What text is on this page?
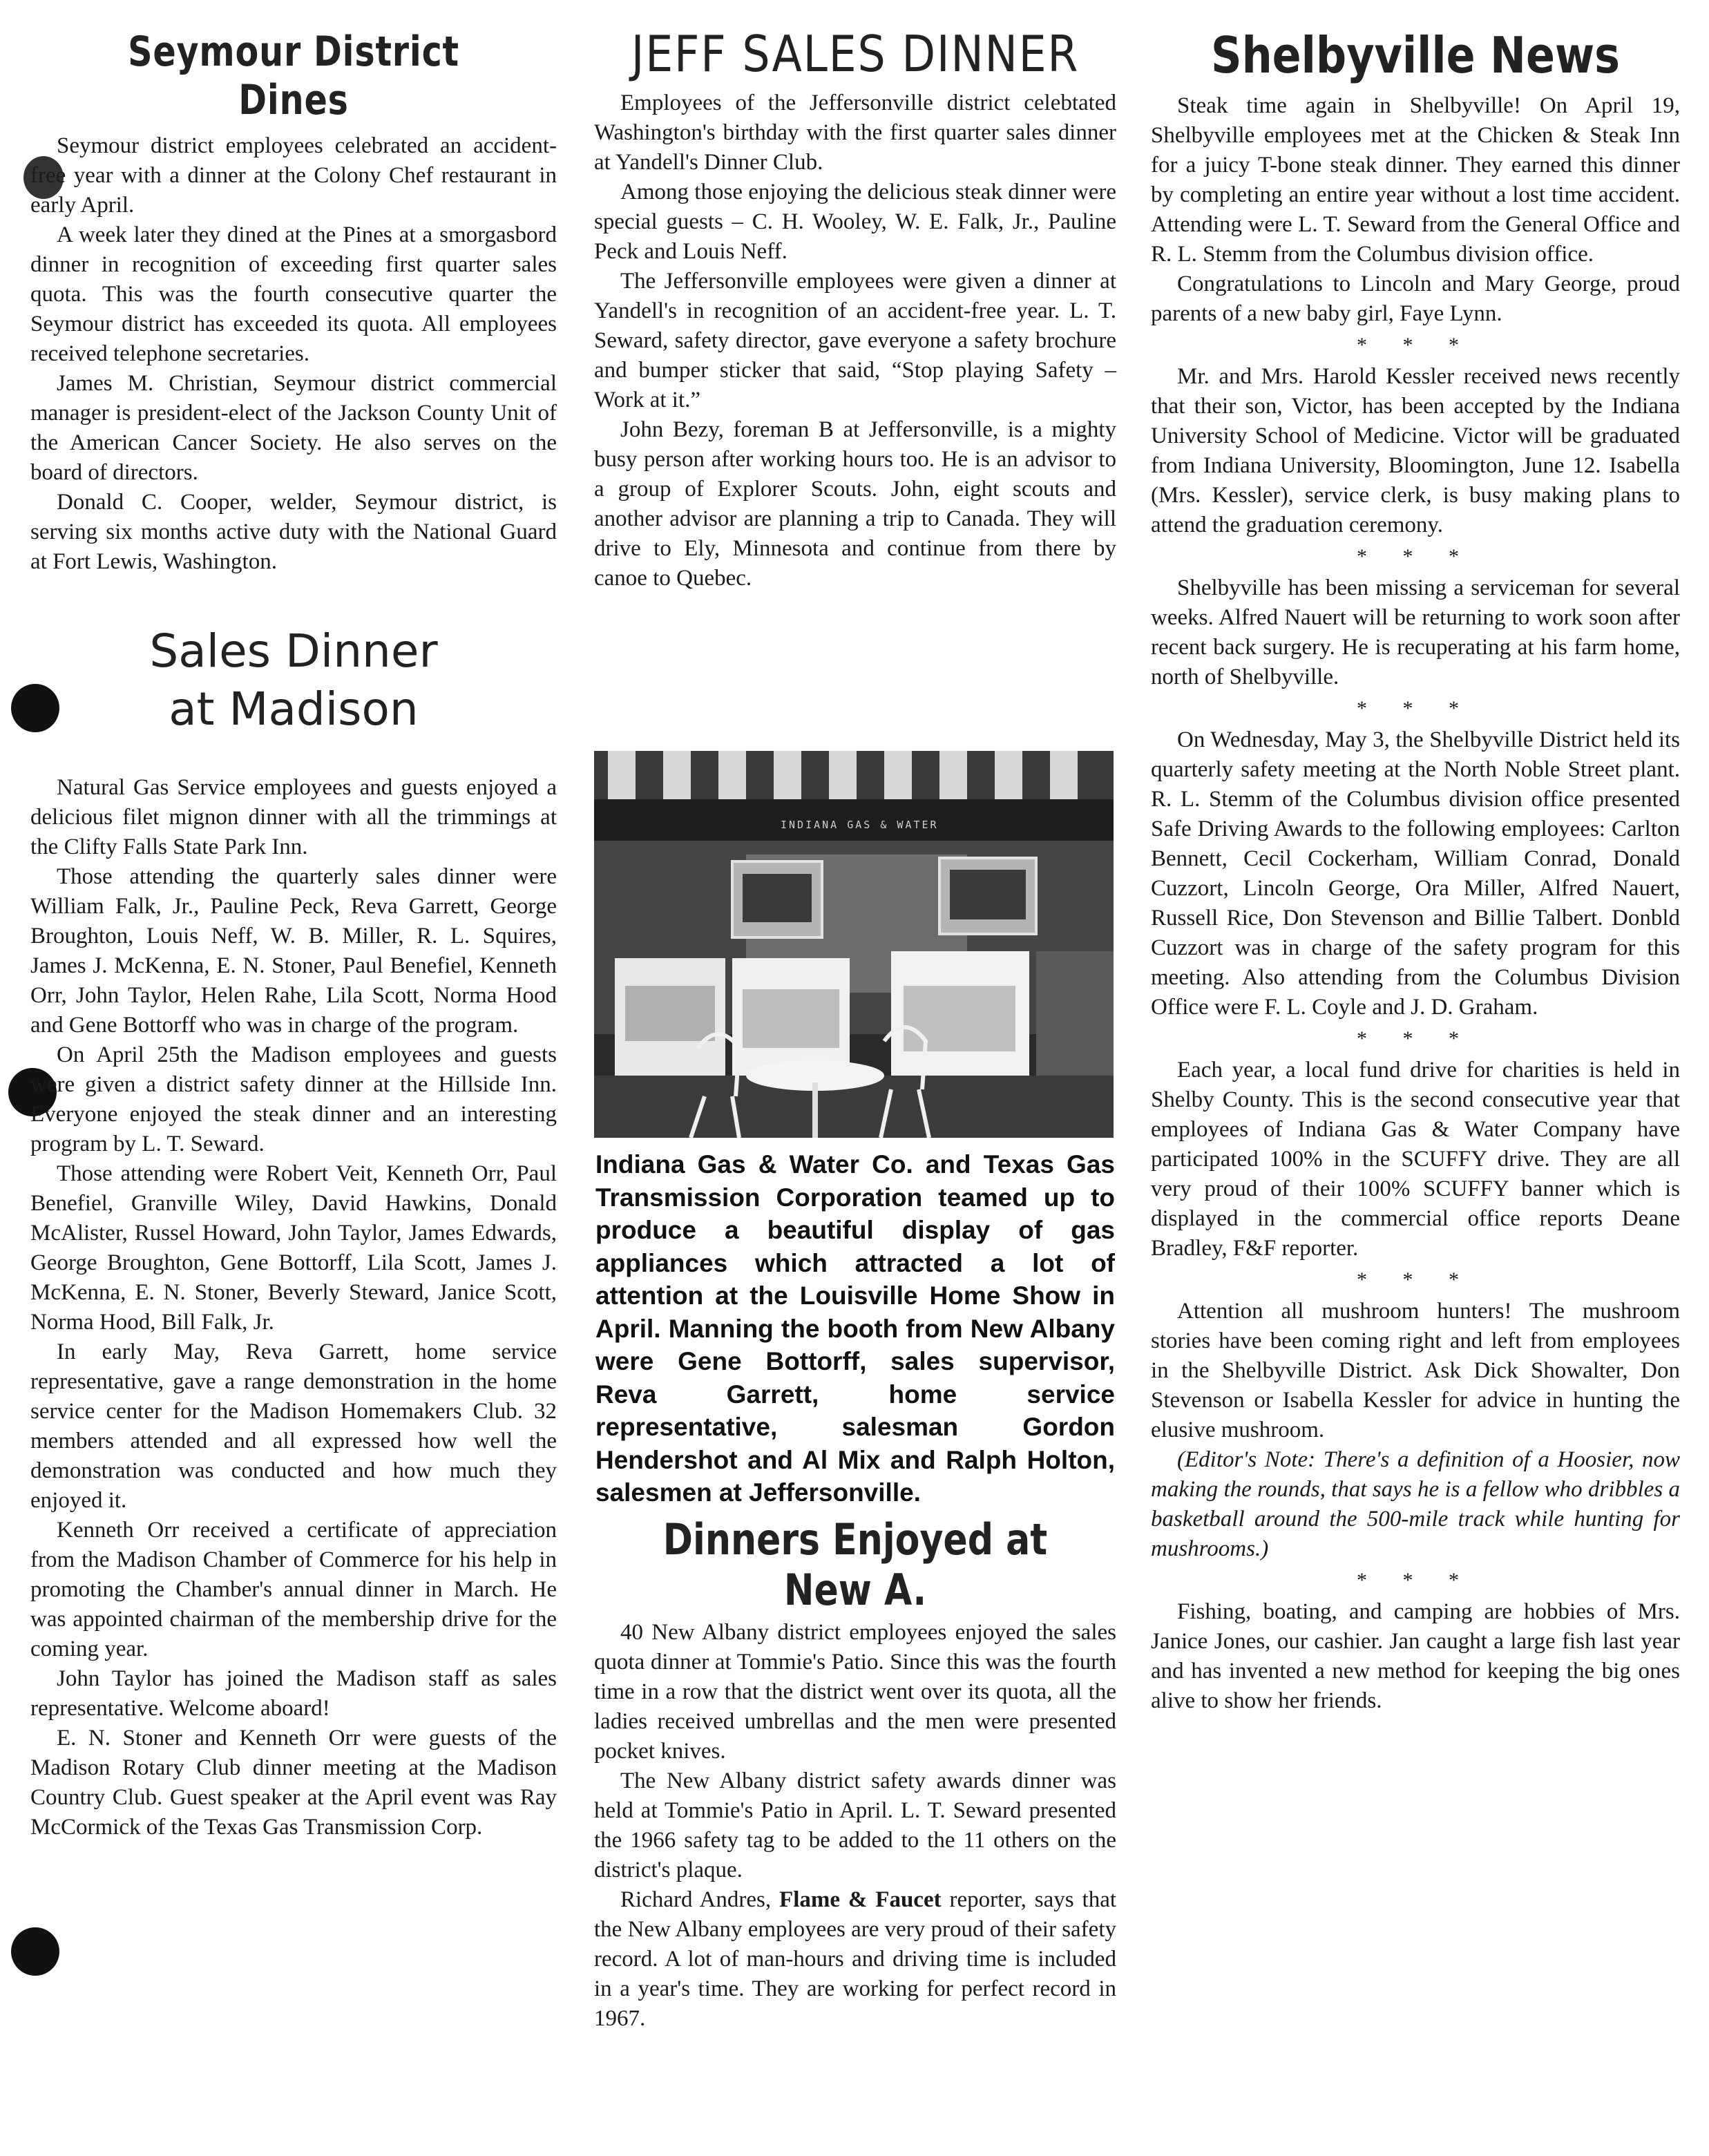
Seymour District Dines

Seymour district employees celebrated an accident-free year with a dinner at the Colony Chef restaurant in early April.

A week later they dined at the Pines at a smorgasbord dinner in recognition of exceeding first quarter sales quota. This was the fourth consecutive quarter the Seymour district has exceeded its quota. All employees received telephone secretaries.

James M. Christian, Seymour district commercial manager is president-elect of the Jackson County Unit of the American Cancer Society. He also serves on the board of directors.

Donald C. Cooper, welder, Seymour district, is serving six months active duty with the National Guard at Fort Lewis, Washington.

Sales Dinner
at Madison

Natural Gas Service employees and guests enjoyed a delicious filet mignon dinner with all the trimmings at the Clifty Falls State Park Inn.

Those attending the quarterly sales dinner were William Falk, Jr., Pauline Peck, Reva Garrett, George Broughton, Louis Neff, W. B. Miller, R. L. Squires, James J. McKenna, E. N. Stoner, Paul Benefiel, Kenneth Orr, John Taylor, Helen Rahe, Lila Scott, Norma Hood and Gene Bottorff who was in charge of the program.

On April 25th the Madison employees and guests were given a district safety dinner at the Hillside Inn. Everyone enjoyed the steak dinner and an interesting program by L. T. Seward.

Those attending were Robert Veit, Kenneth Orr, Paul Benefiel, Granville Wiley, David Hawkins, Donald McAlister, Russel Howard, John Taylor, James Edwards, George Broughton, Gene Bottorff, Lila Scott, James J. McKenna, E. N. Stoner, Beverly Steward, Janice Scott, Norma Hood, Bill Falk, Jr.

In early May, Reva Garrett, home service representative, gave a range demonstration in the home service center for the Madison Homemakers Club. 32 members attended and all expressed how well the demonstration was conducted and how much they enjoyed it.

Kenneth Orr received a certificate of appreciation from the Madison Chamber of Commerce for his help in promoting the Chamber's annual dinner in March. He was appointed chairman of the membership drive for the coming year.

John Taylor has joined the Madison staff as sales representative. Welcome aboard!

E. N. Stoner and Kenneth Orr were guests of the Madison Rotary Club dinner meeting at the Madison Country Club. Guest speaker at the April event was Ray McCormick of the Texas Gas Transmission Corp.

JEFF SALES DINNER

Employees of the Jeffersonville district celebtated Washington's birthday with the first quarter sales dinner at Yandell's Dinner Club.

Among those enjoying the delicious steak dinner were special guests – C. H. Wooley, W. E. Falk, Jr., Pauline Peck and Louis Neff.

The Jeffersonville employees were given a dinner at Yandell's in recognition of an accident-free year. L. T. Seward, safety director, gave everyone a safety brochure and bumper sticker that said, “Stop playing Safety – Work at it.”

John Bezy, foreman B at Jeffersonville, is a mighty busy person after working hours too. He is an advisor to a group of Explorer Scouts. John, eight scouts and another advisor are planning a trip to Canada. They will drive to Ely, Minnesota and continue from there by canoe to Quebec.

INDIANA GAS & WATER
Indiana Gas & Water Co. and Texas Gas Transmission Corporation teamed up to produce a beautiful display of gas appliances which attracted a lot of attention at the Louisville Home Show in April. Manning the booth from New Albany were Gene Bottorff, sales supervisor, Reva Garrett, home service representative, salesman Gordon Hendershot and Al Mix and Ralph Holton, salesmen at Jeffersonville.
Dinners Enjoyed at New A.

40 New Albany district employees enjoyed the sales quota dinner at Tommie's Patio. Since this was the fourth time in a row that the district went over its quota, all the ladies received umbrellas and the men were presented pocket knives.

The New Albany district safety awards dinner was held at Tommie's Patio in April. L. T. Seward presented the 1966 safety tag to be added to the 11 others on the district's plaque.

Richard Andres, Flame & Faucet reporter, says that the New Albany employees are very proud of their safety record. A lot of man-hours and driving time is included in a year's time. They are working for perfect record in 1967.

Shelbyville News

Steak time again in Shelbyville! On April 19, Shelbyville employees met at the Chicken & Steak Inn for a juicy T-bone steak dinner. They earned this dinner by completing an entire year without a lost time accident. Attending were L. T. Seward from the General Office and R. L. Stemm from the Columbus division office.

Congratulations to Lincoln and Mary George, proud parents of a new baby girl, Faye Lynn.

* * *

Mr. and Mrs. Harold Kessler received news recently that their son, Victor, has been accepted by the Indiana University School of Medicine. Victor will be graduated from Indiana University, Bloomington, June 12. Isabella (Mrs. Kessler), service clerk, is busy making plans to attend the graduation ceremony.

* * *

Shelbyville has been missing a serviceman for several weeks. Alfred Nauert will be returning to work soon after recent back surgery. He is recuperating at his farm home, north of Shelbyville.

* * *

On Wednesday, May 3, the Shelbyville District held its quarterly safety meeting at the North Noble Street plant. R. L. Stemm of the Columbus division office presented Safe Driving Awards to the following employees: Carlton Bennett, Cecil Cockerham, William Conrad, Donald Cuzzort, Lincoln George, Ora Miller, Alfred Nauert, Russell Rice, Don Stevenson and Billie Talbert. Donbld Cuzzort was in charge of the safety program for this meeting. Also attending from the Columbus Division Office were F. L. Coyle and J. D. Graham.

* * *

Each year, a local fund drive for charities is held in Shelby County. This is the second consecutive year that employees of Indiana Gas & Water Company have participated 100% in the SCUFFY drive. They are all very proud of their 100% SCUFFY banner which is displayed in the commercial office reports Deane Bradley, F&F reporter.

* * *

Attention all mushroom hunters! The mushroom stories have been coming right and left from employees in the Shelbyville District. Ask Dick Showalter, Don Stevenson or Isabella Kessler for advice in hunting the elusive mushroom.

(Editor's Note: There's a definition of a Hoosier, now making the rounds, that says he is a fellow who dribbles a basketball around the 500-mile track while hunting for mushrooms.)

* * *

Fishing, boating, and camping are hobbies of Mrs. Janice Jones, our cashier. Jan caught a large fish last year and has invented a new method for keeping the big ones alive to show her friends.
